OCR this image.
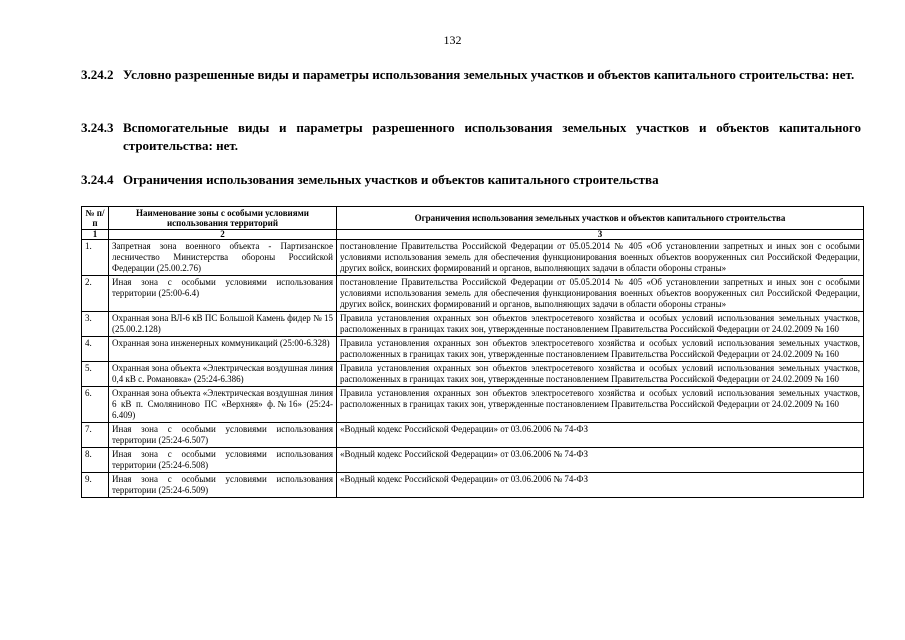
132
3.24.2 Условно разрешенные виды и параметры использования земельных участков и объектов капитального строительства: нет.
3.24.3 Вспомогательные виды и параметры разрешенного использования земельных участков и объектов капитального строительства: нет.
3.24.4 Ограничения использования земельных участков и объектов капитального строительства
№ п/п	Наименование зоны с особыми условиями использования территорий	Ограничения использования земельных участков и объектов капитального строительства
1	2	3
1.	Запретная зона военного объекта - Партизанское лесничество Министерства обороны Российской Федерации (25.00.2.76)	постановление Правительства Российской Федерации от 05.05.2014 № 405 «Об установлении запретных и иных зон с особыми условиями использования земель для обеспечения функционирования военных объектов вооруженных сил Российской Федерации, других войск, воинских формирований и органов, выполняющих задачи в области обороны страны»
2.	Иная зона с особыми условиями использования территории (25:00-6.4)	постановление Правительства Российской Федерации от 05.05.2014 № 405 «Об установлении запретных и иных зон с особыми условиями использования земель для обеспечения функционирования военных объектов вооруженных сил Российской Федерации, других войск, воинских формирований и органов, выполняющих задачи в области обороны страны»
3.	Охранная зона ВЛ-6 кВ ПС Большой Камень фидер № 15 (25.00.2.128)	Правила установления охранных зон объектов электросетевого хозяйства и особых условий использования земельных участков, расположенных в границах таких зон, утвержденные постановлением Правительства Российской Федерации от 24.02.2009 № 160
4.	Охранная зона инженерных коммуникаций (25:00-6.328)	Правила установления охранных зон объектов электросетевого хозяйства и особых условий использования земельных участков, расположенных в границах таких зон, утвержденные постановлением Правительства Российской Федерации от 24.02.2009 № 160
5.	Охранная зона объекта «Электрическая воздушная линия 0,4 кВ с. Романовка» (25:24-6.386)	Правила установления охранных зон объектов электросетевого хозяйства и особых условий использования земельных участков, расположенных в границах таких зон, утвержденные постановлением Правительства Российской Федерации от 24.02.2009 № 160
6.	Охранная зона объекта «Электрическая воздушная линия 6 кВ п. Смоляниново ПС «Верхняя» ф.№16» (25:24-6.409)	Правила установления охранных зон объектов электросетевого хозяйства и особых условий использования земельных участков, расположенных в границах таких зон, утвержденные постановлением Правительства Российской Федерации от 24.02.2009 № 160
7.	Иная зона с особыми условиями использования территории (25:24-6.507)	«Водный кодекс Российской Федерации» от 03.06.2006 № 74-ФЗ
8.	Иная зона с особыми условиями использования территории (25:24-6.508)	«Водный кодекс Российской Федерации» от 03.06.2006 № 74-ФЗ
9.	Иная зона с особыми условиями использования территории (25:24-6.509)	«Водный кодекс Российской Федерации» от 03.06.2006 № 74-ФЗ
